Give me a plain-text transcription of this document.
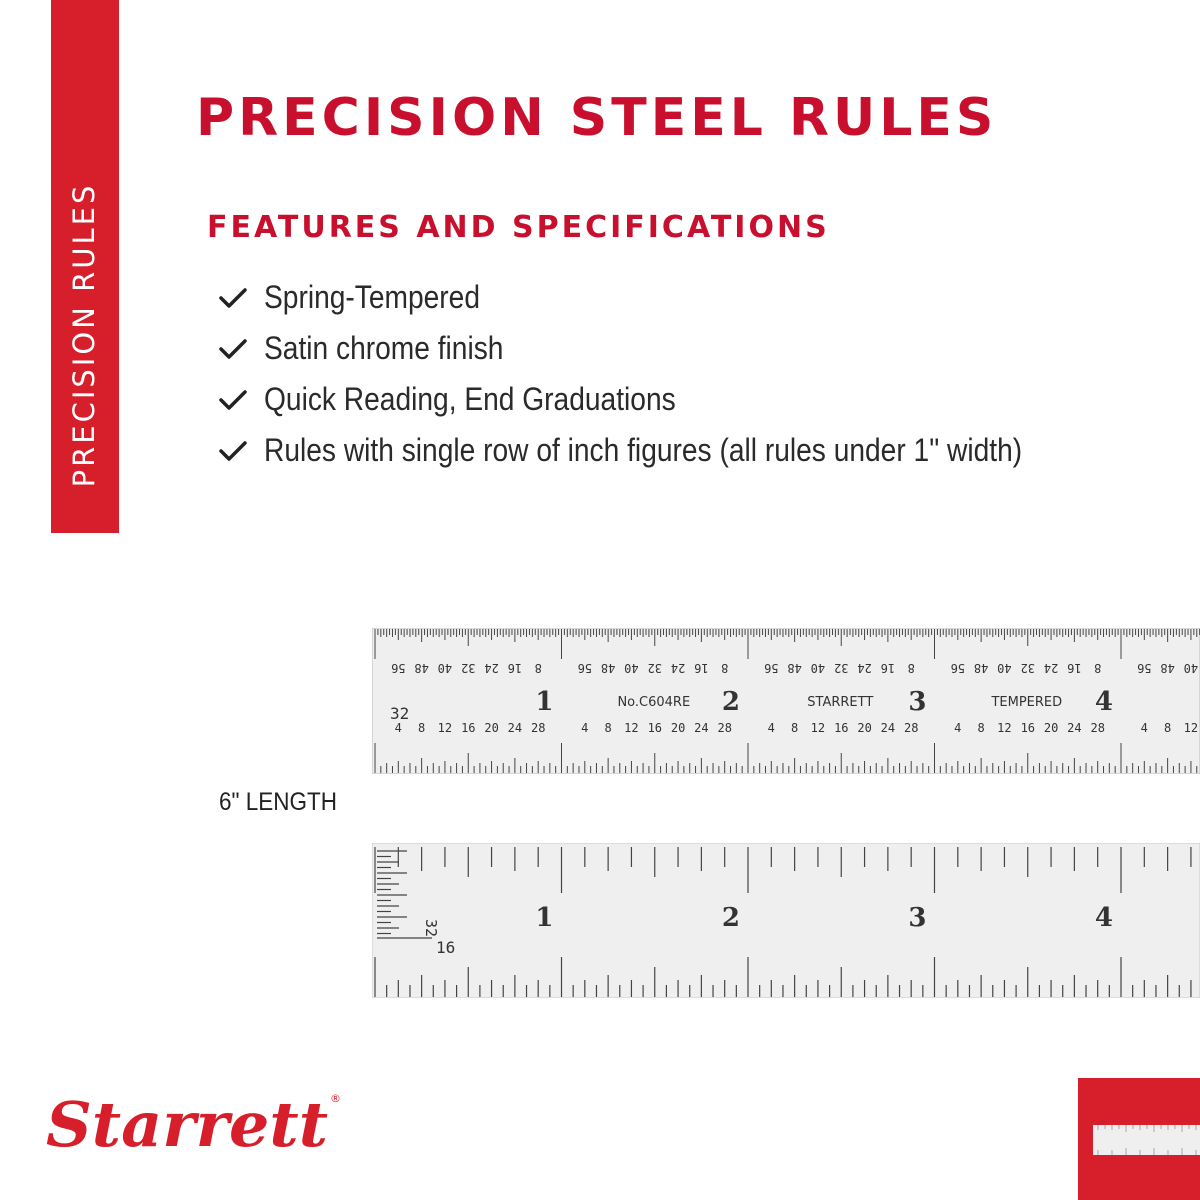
PRECISION RULES
PRECISION STEEL RULES
FEATURES AND SPECIFICATIONS
Spring-Tempered
Satin chrome finish
Quick Reading, End Graduations
Rules with single row of inch figures (all rules under 1" width)
4 8 12 16 20 24 28
8
16
24
32
40
48
56
4 8 12 16 20 24 28
8
16
24
32
40
48
56
4 8 12 16 20 24 28
8
16
24
32
40
48
56
4 8 12 16 20 24 28
8
16
24
32
40
48
56
4 8 12
40
48
56
1	2	3	4
No.C604RE	STARRETT	TEMPERED
32
6" LENGTH
32
16
1	2	3	4
Starrett ®
